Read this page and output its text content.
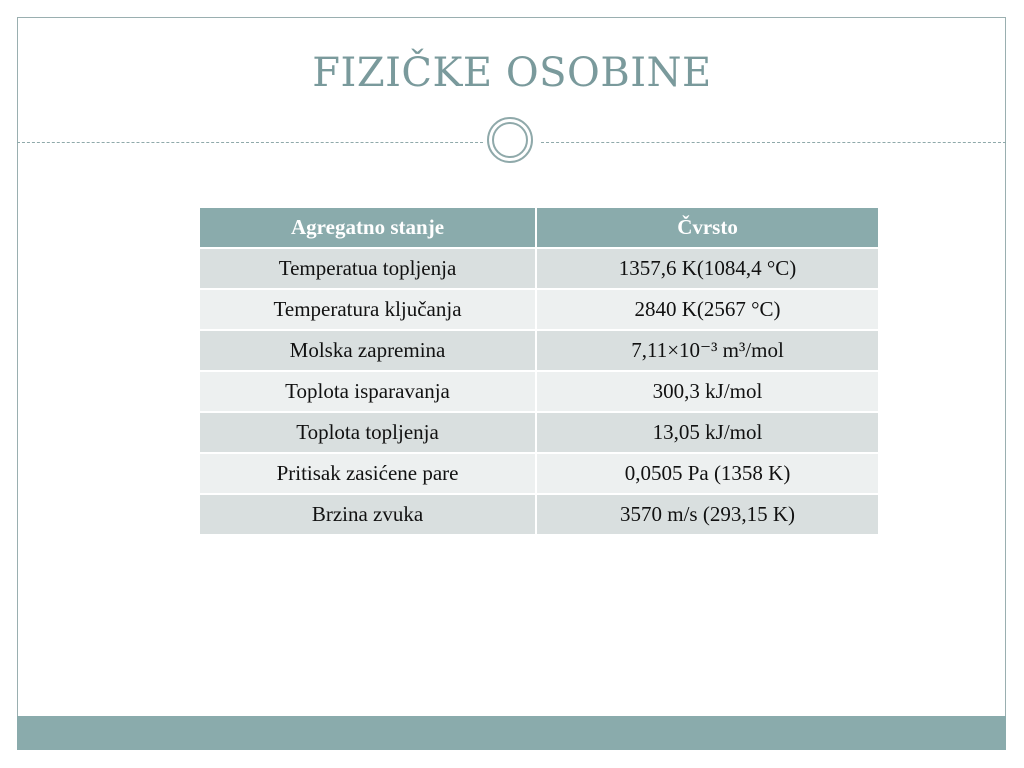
FIZIČKE OSOBINE
Agregatno stanje	Čvrsto
Temperatua topljenja	1357,6 K(1084,4 °C)
Temperatura ključanja	2840 K(2567 °C)
Molska zapremina	7,11×10⁻³ m³/mol
Toplota isparavanja	300,3 kJ/mol
Toplota topljenja	13,05 kJ/mol
Pritisak zasićene pare	0,0505 Pa (1358 K)
Brzina zvuka	3570 m/s (293,15 K)
